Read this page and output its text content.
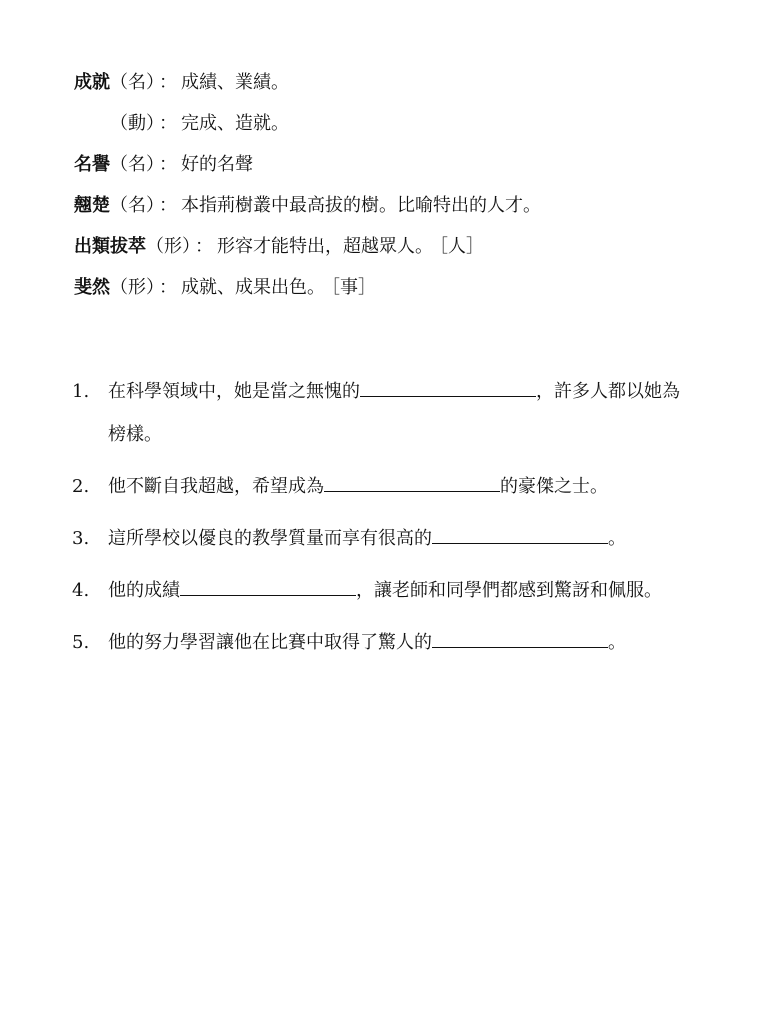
成就（名） ： 成績、業績。
（動） ： 完成、造就。
名譽（名） ： 好的名聲
翹楚（名） ： 本指荊樹叢中最高拔的樹。比喻特出的人才。
出類拔萃（形） ： 形容才能特出，超越眾人。 ［人］
斐然（形） ： 成就、成果出色。 ［事］
1.	在科學領域中，她是當之無愧的	，許多人都以她為榜樣。
2.	他不斷自我超越，希望成為	的豪傑之士。
3.	這所學校以優良的教學質量而享有很高的	。
4.	他的成績	，讓老師和同學們都感到驚訝和佩服。
5.	他的努力學習讓他在比賽中取得了驚人的	。
